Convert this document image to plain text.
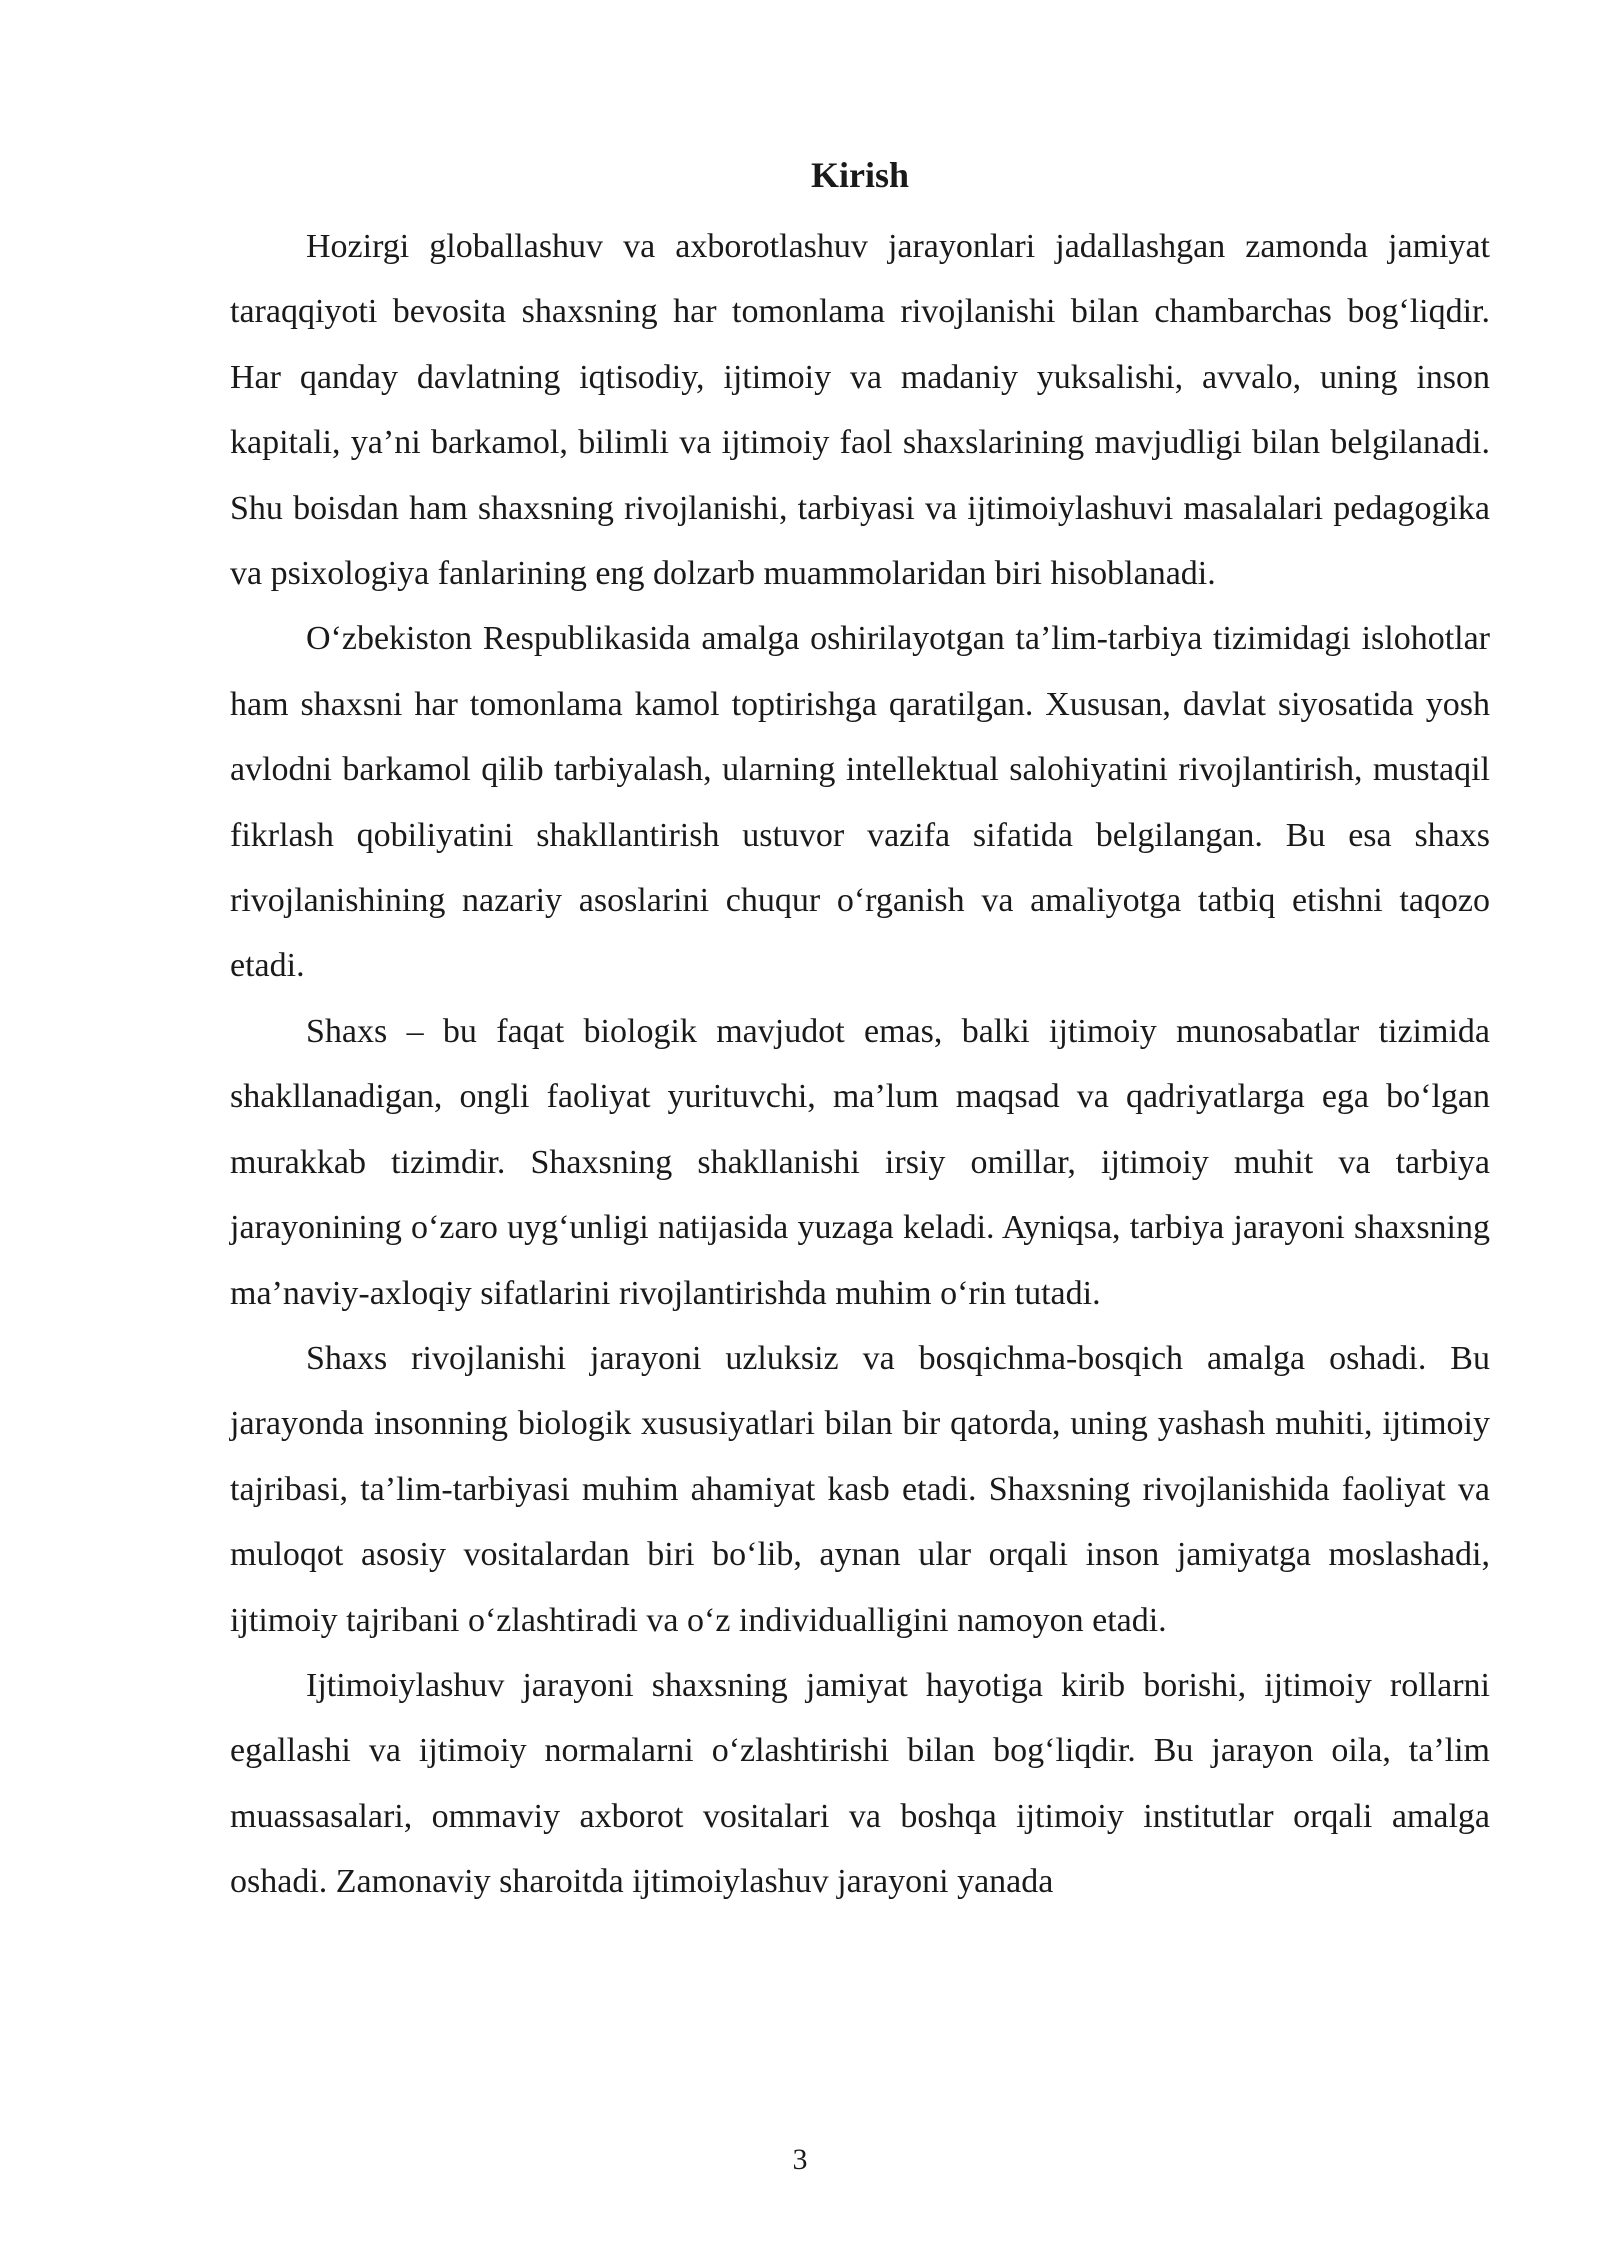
Kirish

Hozirgi globallashuv va axborotlashuv jarayonlari jadallashgan zamonda jamiyat taraqqiyoti bevosita shaxsning har tomonlama rivojlanishi bilan chambarchas bog‘liqdir. Har qanday davlatning iqtisodiy, ijtimoiy va madaniy yuksalishi, avvalo, uning inson kapitali, ya’ni barkamol, bilimli va ijtimoiy faol shaxslarining mavjudligi bilan belgilanadi. Shu boisdan ham shaxsning rivojlanishi, tarbiyasi va ijtimoiylashuvi masalalari pedagogika va psixologiya fanlarining eng dolzarb muammolaridan biri hisoblanadi.

O‘zbekiston Respublikasida amalga oshirilayotgan ta’lim-tarbiya tizimidagi islohotlar ham shaxsni har tomonlama kamol toptirishga qaratilgan. Xususan, davlat siyosatida yosh avlodni barkamol qilib tarbiyalash, ularning intellektual salohiyatini rivojlantirish, mustaqil fikrlash qobiliyatini shakllantirish ustuvor vazifa sifatida belgilangan. Bu esa shaxs rivojlanishining nazariy asoslarini chuqur o‘rganish va amaliyotga tatbiq etishni taqozo etadi.

Shaxs – bu faqat biologik mavjudot emas, balki ijtimoiy munosabatlar tizimida shakllanadigan, ongli faoliyat yurituvchi, ma’lum maqsad va qadriyatlarga ega bo‘lgan murakkab tizimdir. Shaxsning shakllanishi irsiy omillar, ijtimoiy muhit va tarbiya jarayonining o‘zaro uyg‘unligi natijasida yuzaga keladi. Ayniqsa, tarbiya jarayoni shaxsning ma’naviy-axloqiy sifatlarini rivojlantirishda muhim o‘rin tutadi.

Shaxs rivojlanishi jarayoni uzluksiz va bosqichma-bosqich amalga oshadi. Bu jarayonda insonning biologik xususiyatlari bilan bir qatorda, uning yashash muhiti, ijtimoiy tajribasi, ta’lim-tarbiyasi muhim ahamiyat kasb etadi. Shaxsning rivojlanishida faoliyat va muloqot asosiy vositalardan biri bo‘lib, aynan ular orqali inson jamiyatga moslashadi, ijtimoiy tajribani o‘zlashtiradi va o‘z individualligini namoyon etadi.

Ijtimoiylashuv jarayoni shaxsning jamiyat hayotiga kirib borishi, ijtimoiy rollarni egallashi va ijtimoiy normalarni o‘zlashtirishi bilan bog‘liqdir. Bu jarayon oila, ta’lim muassasalari, ommaviy axborot vositalari va boshqa ijtimoiy institutlar orqali amalga oshadi. Zamonaviy sharoitda ijtimoiylashuv jarayoni yanada

3
